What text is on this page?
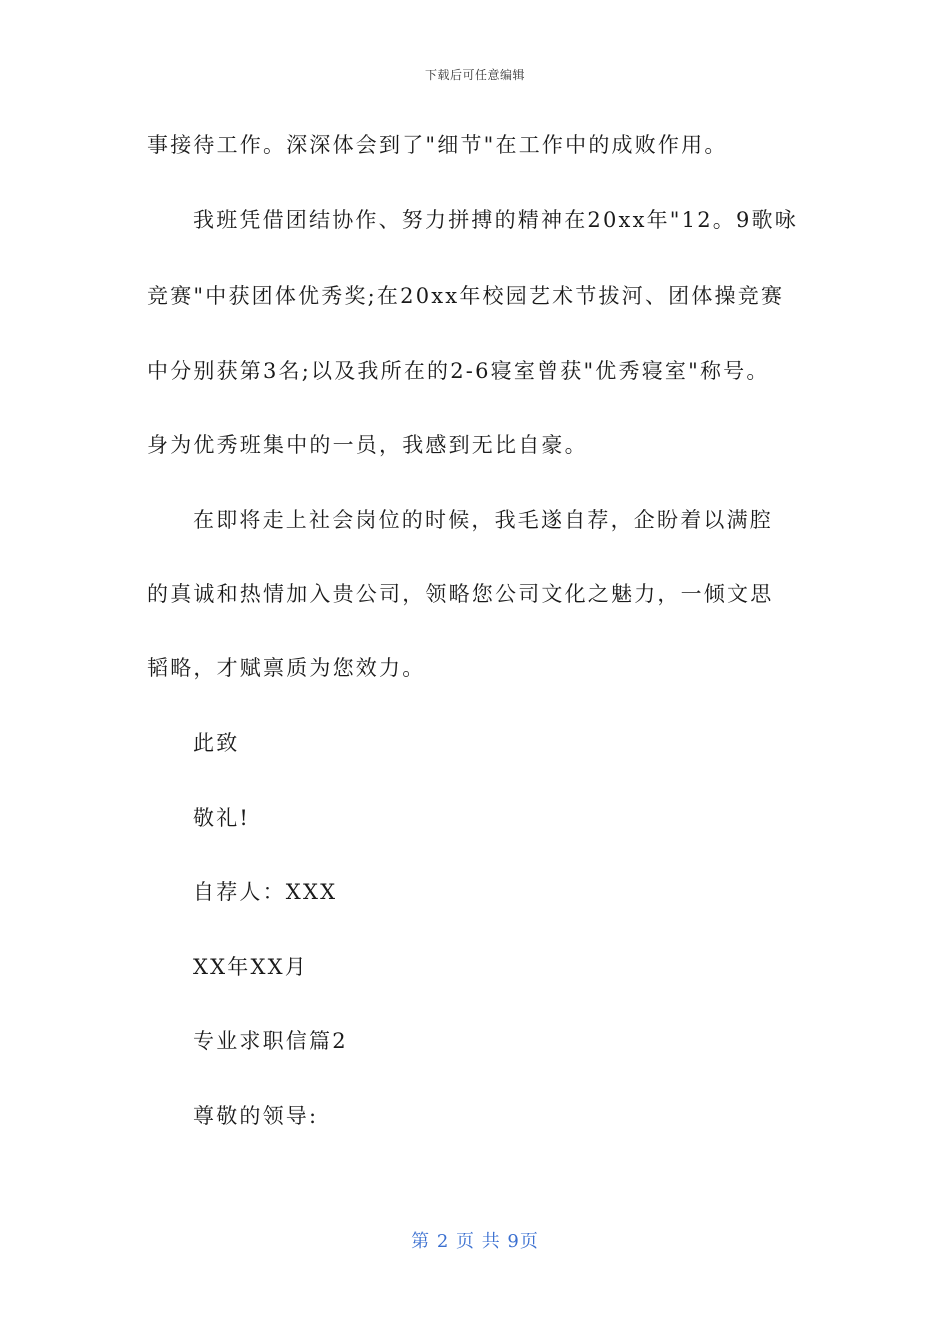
下载后可任意编辑
事接待工作。深深体会到了"细节"在工作中的成败作用。
我班凭借团结协作、努力拼搏的精神在20xx年"12。9歌咏
竞赛"中获团体优秀奖;在20xx年校园艺术节拔河、团体操竞赛
中分别获第3名;以及我所在的2-6寝室曾获"优秀寝室"称号。
身为优秀班集中的一员，我感到无比自豪。
在即将走上社会岗位的时候，我毛遂自荐，企盼着以满腔
的真诚和热情加入贵公司，领略您公司文化之魅力，一倾文思
韬略，才赋禀质为您效力。
此致
敬礼!
自荐人：XXX
XX年XX月
专业求职信篇2
尊敬的领导:
第 2 页 共 9页
